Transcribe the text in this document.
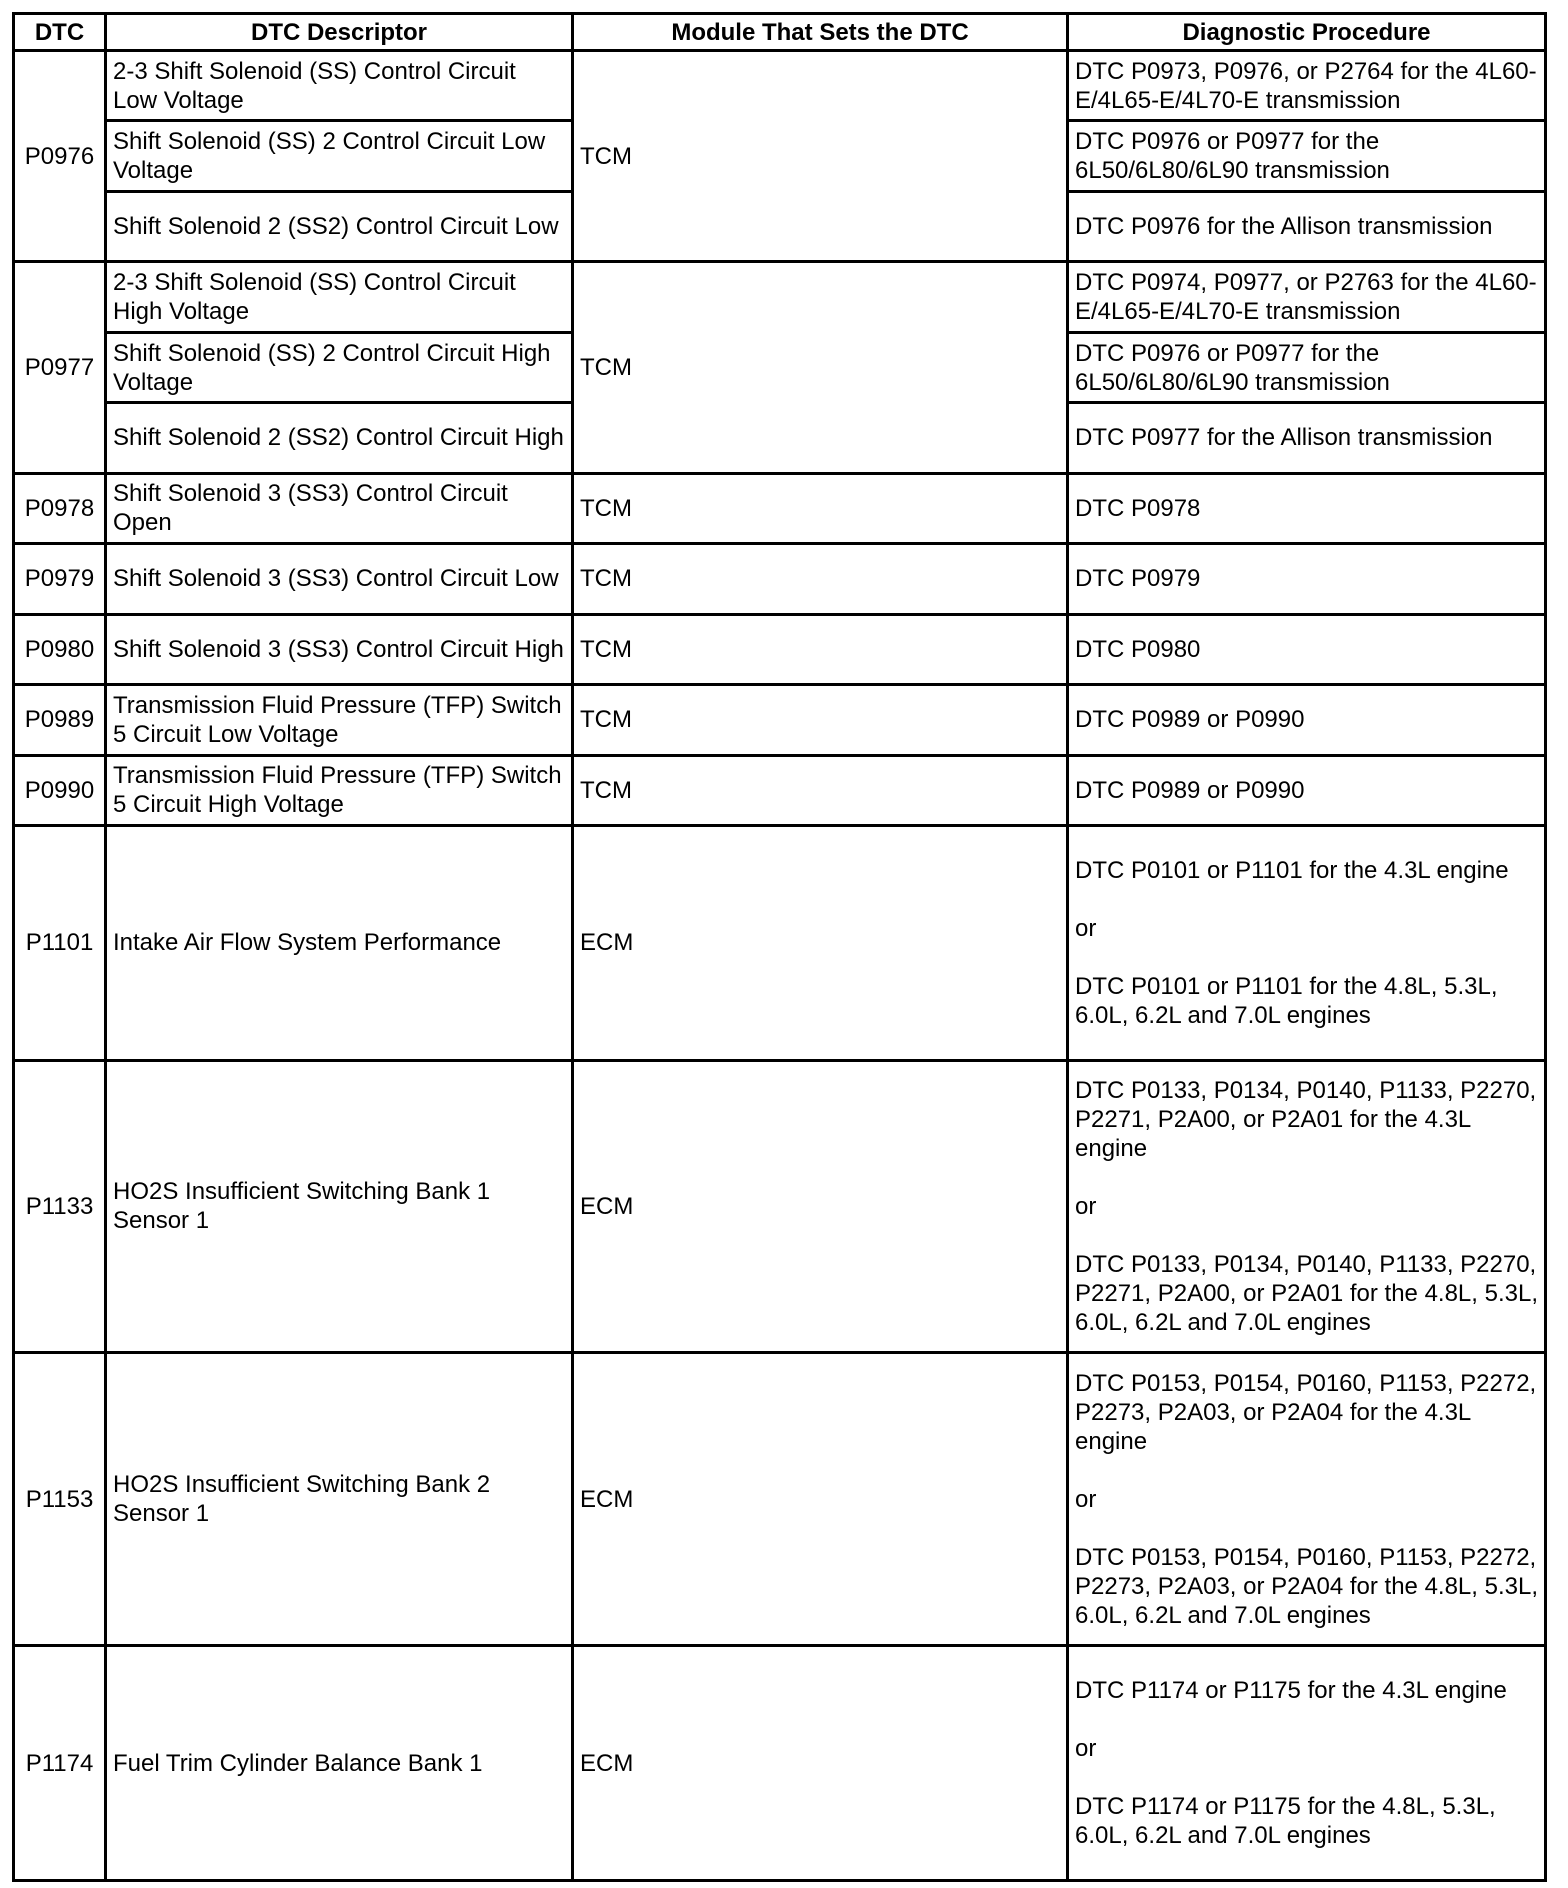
DTC	DTC Descriptor	Module That Sets the DTC	Diagnostic Procedure
P0976	2-3 Shift Solenoid (SS) Control Circuit Low Voltage	TCM	DTC P0973, P0976, or P2764 for the 4L60-E/4L65-E/4L70-E transmission
	Shift Solenoid (SS) 2 Control Circuit Low Voltage		DTC P0976 or P0977 for the 6L50/6L80/6L90 transmission
	Shift Solenoid 2 (SS2) Control Circuit Low		DTC P0976 for the Allison transmission
P0977	2-3 Shift Solenoid (SS) Control Circuit High Voltage	TCM	DTC P0974, P0977, or P2763 for the 4L60-E/4L65-E/4L70-E transmission
	Shift Solenoid (SS) 2 Control Circuit High Voltage		DTC P0976 or P0977 for the 6L50/6L80/6L90 transmission
	Shift Solenoid 2 (SS2) Control Circuit High		DTC P0977 for the Allison transmission
P0978	Shift Solenoid 3 (SS3) Control Circuit Open	TCM	DTC P0978
P0979	Shift Solenoid 3 (SS3) Control Circuit Low	TCM	DTC P0979
P0980	Shift Solenoid 3 (SS3) Control Circuit High	TCM	DTC P0980
P0989	Transmission Fluid Pressure (TFP) Switch 5 Circuit Low Voltage	TCM	DTC P0989 or P0990
P0990	Transmission Fluid Pressure (TFP) Switch 5 Circuit High Voltage	TCM	DTC P0989 or P0990
P1101	Intake Air Flow System Performance	ECM	DTC P0101 or P1101 for the 4.3L engine

or

DTC P0101 or P1101 for the 4.8L, 5.3L, 6.0L, 6.2L and 7.0L engines
P1133	HO2S Insufficient Switching Bank 1 Sensor 1	ECM	DTC P0133, P0134, P0140, P1133, P2270, P2271, P2A00, or P2A01 for the 4.3L engine

or

DTC P0133, P0134, P0140, P1133, P2270, P2271, P2A00, or P2A01 for the 4.8L, 5.3L, 6.0L, 6.2L and 7.0L engines
P1153	HO2S Insufficient Switching Bank 2 Sensor 1	ECM	DTC P0153, P0154, P0160, P1153, P2272, P2273, P2A03, or P2A04 for the 4.3L engine

or

DTC P0153, P0154, P0160, P1153, P2272, P2273, P2A03, or P2A04 for the 4.8L, 5.3L, 6.0L, 6.2L and 7.0L engines
P1174	Fuel Trim Cylinder Balance Bank 1	ECM	DTC P1174 or P1175 for the 4.3L engine

or

DTC P1174 or P1175 for the 4.8L, 5.3L, 6.0L, 6.2L and 7.0L engines
